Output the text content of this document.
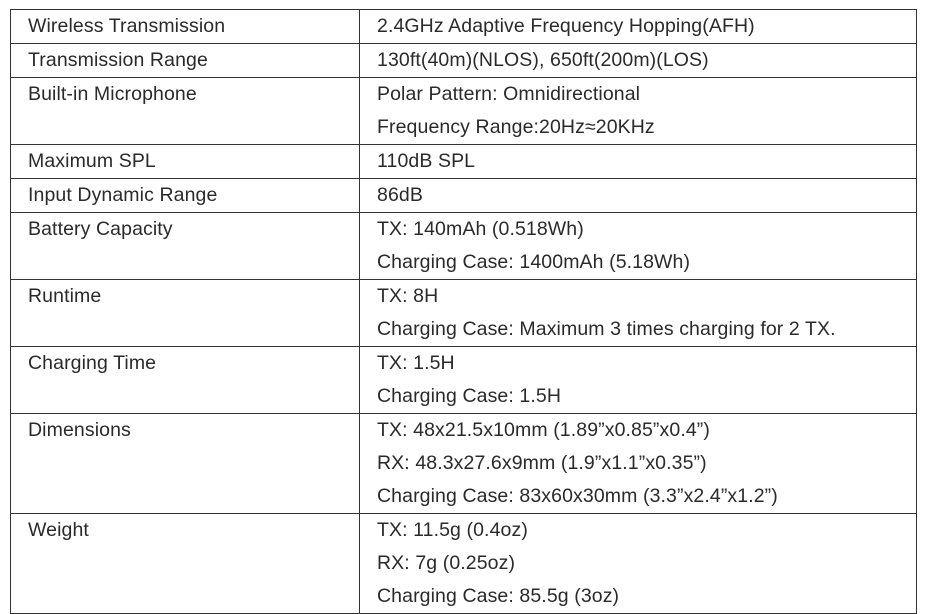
Wireless Transmission	2.4GHz Adaptive Frequency Hopping(AFH)

Transmission Range	130ft(40m)(NLOS), 650ft(200m)(LOS)

Built-in Microphone	Polar Pattern: Omnidirectional
Frequency Range:20Hz≈20KHz

Maximum SPL	110dB SPL

Input Dynamic Range	86dB

Battery Capacity	TX: 140mAh (0.518Wh)
Charging Case: 1400mAh (5.18Wh)

Runtime	TX: 8H
Charging Case: Maximum 3 times charging for 2 TX.

Charging Time	TX: 1.5H
Charging Case: 1.5H

Dimensions	TX: 48x21.5x10mm (1.89”x0.85”x0.4”)
RX: 48.3x27.6x9mm (1.9”x1.1”x0.35”)
Charging Case: 83x60x30mm (3.3”x2.4”x1.2”)

Weight	TX: 11.5g (0.4oz)
RX: 7g (0.25oz)
Charging Case: 85.5g (3oz)
